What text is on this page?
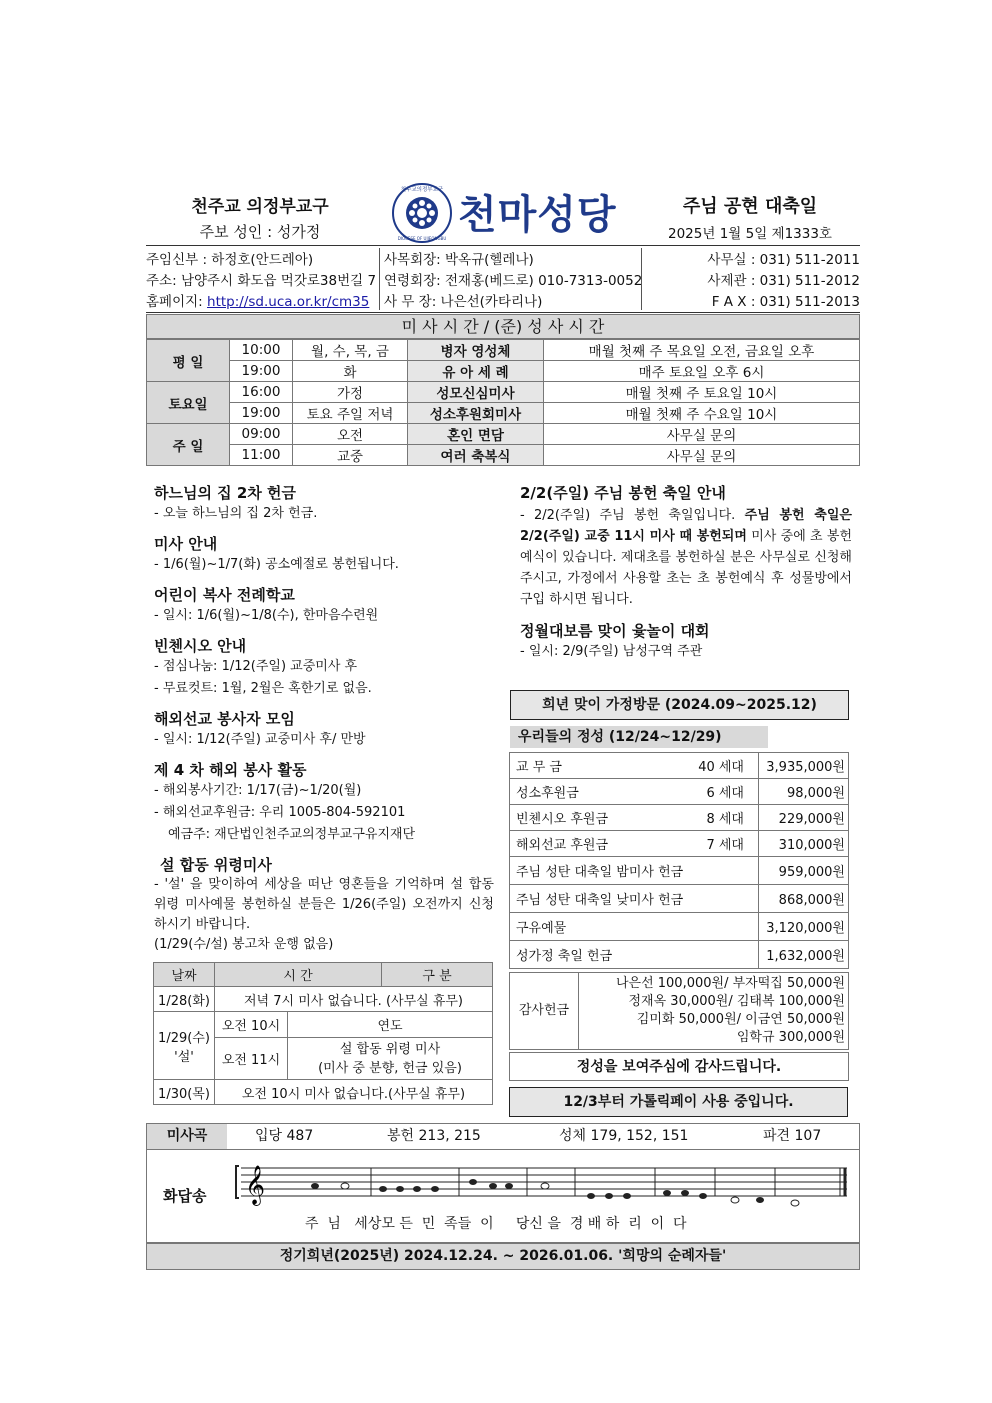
천주교 의정부교구
주보 성인 : 성가정
천주교의정부교구
DIOCESE OF UIJEONGBU
천마성당	주님 공현 대축일
2025년 1월 5일 제1333호
주임신부 : 하정호(안드레아)
주소: 남양주시 화도읍 먹갓로38번길 7
홈페이지: http://sd.uca.or.kr/cm35
사목회장: 박옥규(헬레나)
연령회장: 전재홍(베드로) 010-7313-0052
사 무 장: 나은선(카타리나)
사무실 : 031) 511-2011
사제관 : 031) 511-2012
F A X : 031) 511-2013
미 사 시 간 / (준) 성 사 시 간
평 일	10:00	월, 수, 목, 금	병자 영성체	매월 첫째 주 목요일 오전, 금요일 오후
	19:00	화	유 아 세 례	매주 토요일 오후 6시
토요일	16:00	가정	성모신심미사	매월 첫째 주 토요일 10시
	19:00	토요 주일 저녁	성소후원회미사	매월 첫째 주 수요일 10시
주 일	09:00	오전	혼인 면담	사무실 문의
	11:00	교중	여러 축복식	사무실 문의
하느님의 집 2차 헌금
- 오늘 하느님의 집 2차 헌금.
미사 안내
- 1/6(월)~1/7(화) 공소예절로 봉헌됩니다.
어린이 복사 전례학교
- 일시: 1/6(월)~1/8(수), 한마음수련원
빈첸시오 안내
- 점심나눔: 1/12(주일) 교중미사 후
- 무료컷트: 1월, 2월은 혹한기로 없음.
해외선교 봉사자 모임
- 일시: 1/12(주일) 교중미사 후/ 만방
제 4 차 해외 봉사 활동
- 해외봉사기간: 1/17(금)~1/20(월)
- 해외선교후원금: 우리 1005-804-592101
예금주: 재단법인천주교의정부교구유지재단
설 합동 위령미사
- '설' 을 맞이하여 세상을 떠난 영혼들을 기억하며 설 합동 위령 미사예물 봉헌하실 분들은 1/26(주일) 오전까지 신청하시기 바랍니다.
(1/29(수/설) 봉고차 운행 없음)
날짜	시 간		구 분
1/28(화)	저녁 7시 미사 없습니다. (사무실 휴무)		
1/29(수)
'설'	오전 10시	연도	
	오전 11시	설 합동 위령 미사
(미사 중 분향, 헌금 있음)	
1/30(목)	오전 10시 미사 없습니다.(사무실 휴무)		
2/2(주일) 주님 봉헌 축일 안내
- 2/2(주일) 주님 봉헌 축일입니다. 주님 봉헌 축일은 2/2(주일) 교중 11시 미사 때 봉헌되며 미사 중에 초 봉헌예식이 있습니다. 제대초를 봉헌하실 분은 사무실로 신청해 주시고, 가정에서 사용할 초는 초 봉헌예식 후 성물방에서 구입 하시면 됩니다.
정월대보름 맞이 윷놀이 대회
- 일시: 2/9(주일) 남성구역 주관
희년 맞이 가정방문 (2024.09~2025.12)
우리들의 정성 (12/24~12/29)
교 무 금	40 세대	3,935,000원
성소후원금	6 세대	98,000원
빈첸시오 후원금	8 세대	229,000원
해외선교 후원금	7 세대	310,000원
주님 성탄 대축일 밤미사 헌금		959,000원
주님 성탄 대축일 낮미사 헌금		868,000원
구유예물		3,120,000원
성가정 축일 헌금		1,632,000원
감사헌금
나은선 100,000원/ 부자떡집 50,000원
정재옥 30,000원/ 김태복 100,000원
김미화 50,000원/ 이금연 50,000원
임학규 300,000원
정성을 보여주심에 감사드립니다.
12/3부터 가톨릭페이 사용 중입니다.
미사곡	입당 487	봉헌 213, 215	성체 179, 152, 151	파견 107
화답송 𝄞
주  님   세상모 든  민  족들  이     당신 을  경 배 하  리  이  다
정기희년(2025년) 2024.12.24. ~ 2026.01.06. '희망의 순례자들'
